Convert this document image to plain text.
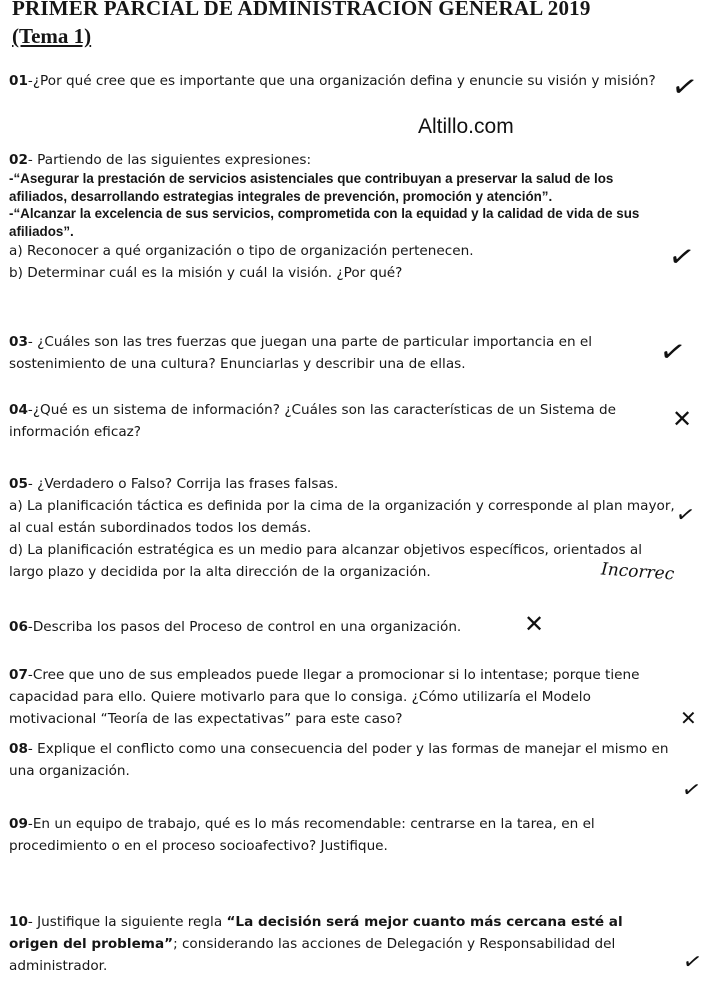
PRIMER PARCIAL DE ADMINISTRACION GENERAL 2019
(Tema 1)
Altillo.com

01-¿Por qué cree que es importante que una organización defina y enuncie su visión y misión?

02- Partiendo de las siguientes expresiones:

-“Asegurar la prestación de servicios asistenciales que contribuyan a preservar la salud de los afiliados, desarrollando estrategias integrales de prevención, promoción y atención”.

-“Alcanzar la excelencia de sus servicios, comprometida con la equidad y la calidad de vida de sus afiliados”.

a) Reconocer a qué organización o tipo de organización pertenecen.

b) Determinar cuál es la misión y cuál la visión. ¿Por qué?

03- ¿Cuáles son las tres fuerzas que juegan una parte de particular importancia en el sostenimiento de una cultura? Enunciarlas y describir una de ellas.

04-¿Qué es un sistema de información? ¿Cuáles son las características de un Sistema de información eficaz?

05- ¿Verdadero o Falso? Corrija las frases falsas.

a) La planificación táctica es definida por la cima de la organización y corresponde al plan mayor, al cual están subordinados todos los demás.

d) La planificación estratégica es un medio para alcanzar objetivos específicos, orientados al largo plazo y decidida por la alta dirección de la organización.

06-Describa los pasos del Proceso de control en una organización.

07-Cree que uno de sus empleados puede llegar a promocionar si lo intentase; porque tiene capacidad para ello. Quiere motivarlo para que lo consiga. ¿Cómo utilizaría el Modelo motivacional “Teoría de las expectativas” para este caso?

08- Explique el conflicto como una consecuencia del poder y las formas de manejar el mismo en una organización.

09-En un equipo de trabajo, qué es lo más recomendable: centrarse en la tarea, en el procedimiento o en el proceso socioafectivo? Justifique.

10- Justifique la siguiente regla “La decisión será mejor cuanto más cercana esté al origen del problema”; considerando las acciones de Delegación y Responsabilidad del administrador.

✓
✓
✓
✕
✓
Incorrec
✕
✕
✓
✓
